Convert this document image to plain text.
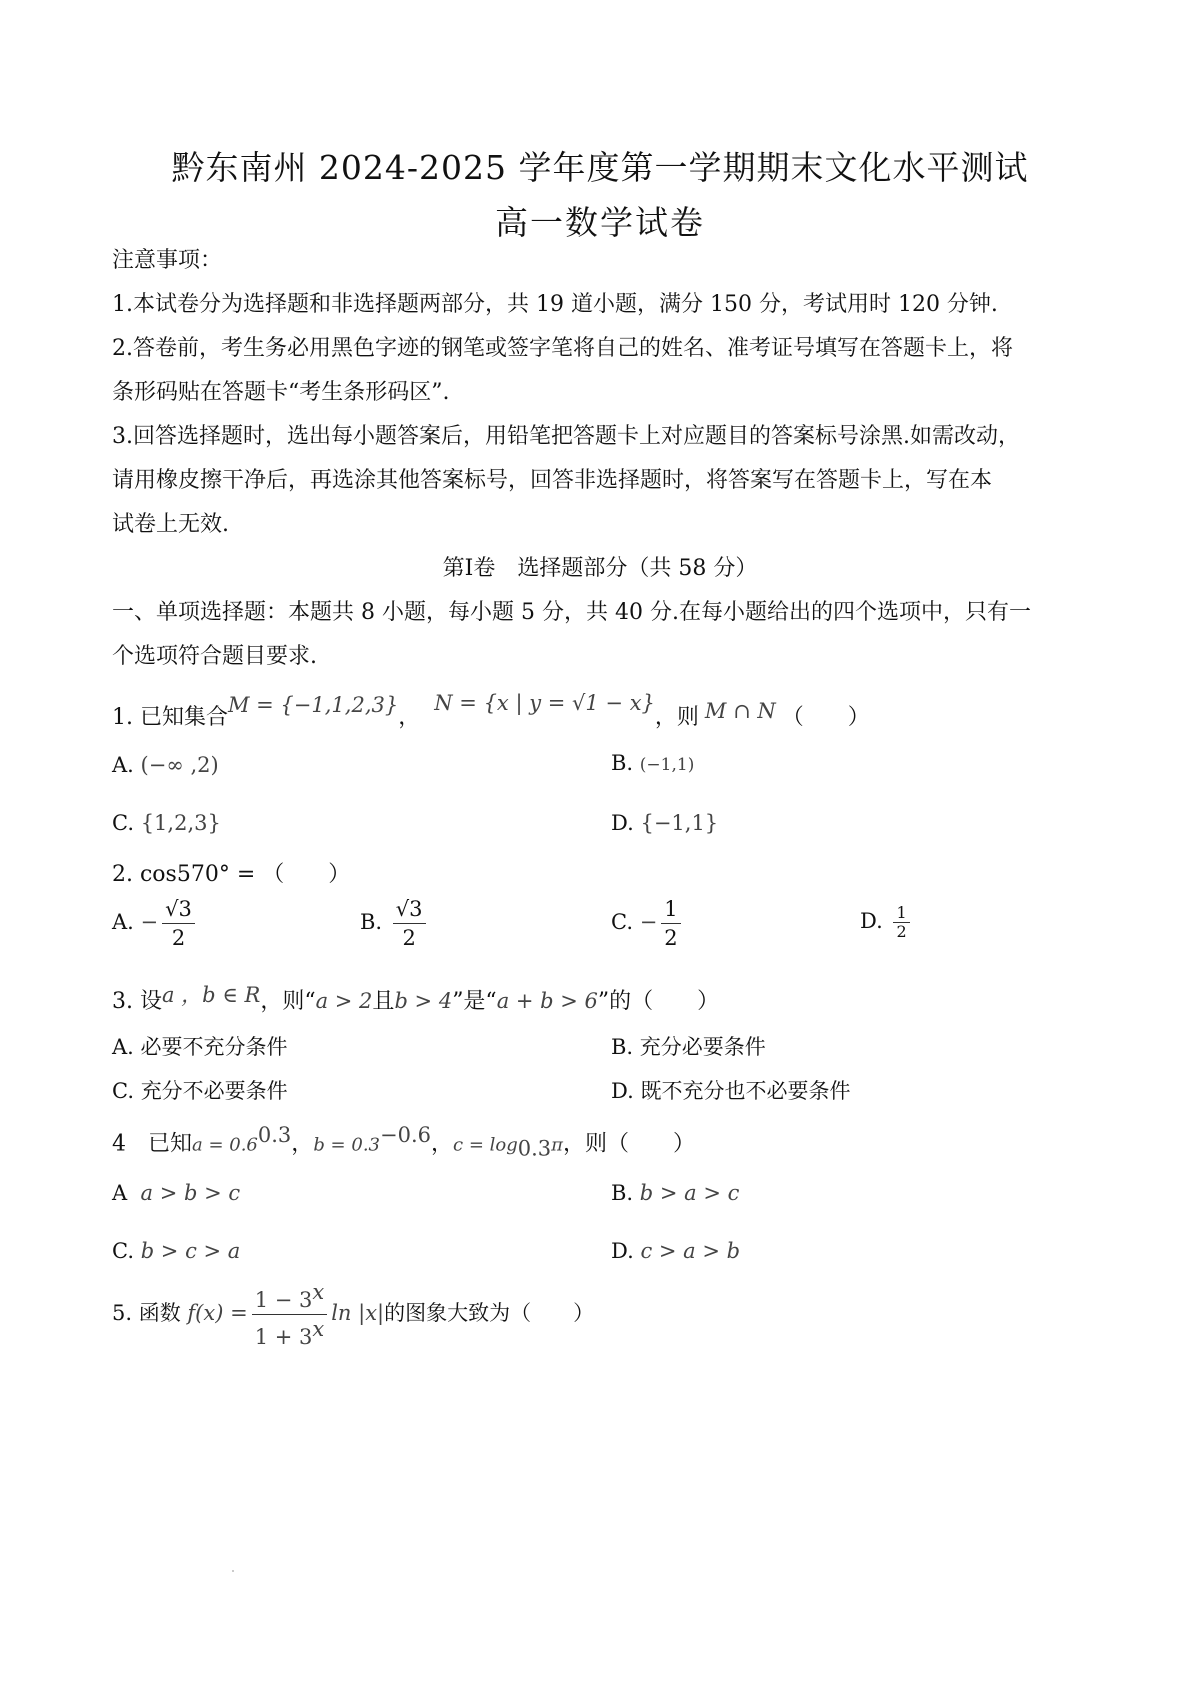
黔东南州 2024-2025 学年度第一学期期末文化水平测试
高一数学试卷
注意事项：
1.本试卷分为选择题和非选择题两部分，共 19 道小题，满分 150 分，考试用时 120 分钟.
2.答卷前，考生务必用黑色字迹的钢笔或签字笔将自己的姓名、准考证号填写在答题卡上，将
条形码贴在答题卡“考生条形码区”.
3.回答选择题时，选出每小题答案后，用铅笔把答题卡上对应题目的答案标号涂黑.如需改动，
请用橡皮擦干净后，再选涂其他答案标号，回答非选择题时，将答案写在答题卡上，写在本
试卷上无效.
第Ⅰ卷　选择题部分（共 58 分）
一、单项选择题：本题共 8 小题，每小题 5 分，共 40 分.在每小题给出的四个选项中，只有一
个选项符合题目要求.
1. 已知集合M = {−1,1,2,3}，N = {x | y = √1 − x}，则 M ∩ N （　　）
A. (−∞ ,2)	B. (−1,1)
C. {1,2,3}	D. {−1,1}
2. cos570° = （　　）
A. − $\frac{√3}{2}$	B. $\frac{√3}{2}$	C. − $\frac{1}{2}$	D. $\frac{1}{2}$
3. 设a ，b ∈ R，则“a > 2且b > 4”是“a + b > 6”的（　　）
A. 必要不充分条件	B. 充分必要条件
C. 充分不必要条件	D. 既不充分也不必要条件
4　已知$a = 0.6^{0.3}$，$b = 0.3^{-0.6}$，$c = \log_{0.3}\pi$，则（　　）
A a > b > c	B. b > a > c
C. b > c > a	D. c > a > b
5. 函数 $f(x) = \frac{1 - 3^x}{1 + 3^x}$ ln |x|的图象大致为（　　）
